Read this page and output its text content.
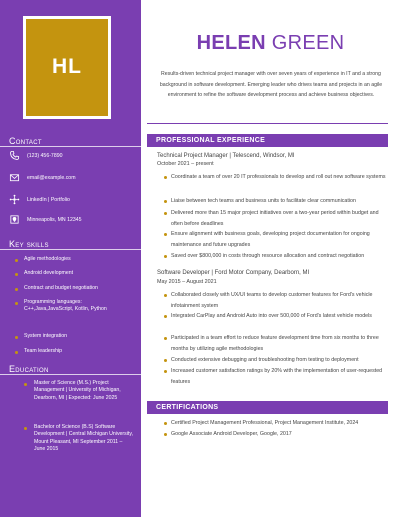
HL
Contact
(123) 456-7890
email@example.com
LinkedIn | Portfolio
Minneapolis, MN 12345
Key skills
Agile methodologies
Android development
Contract and budget negotiation
Programming languages: C++,Java,JavaScript, Kotlin, Python
System integration
Team leadership
Education
Master of Science (M.S.) Project Management | University of Michigan, Dearborn, MI | Expected: June 2025
Bachelor of Science (B.S) Software Development | Central Michigan University, Mount Pleasant, MI September 2011 – June 2015
HELEN GREEN
Results-driven technical project manager with over seven years of experience in IT and a strong background in software development. Emerging leader who drives teams and projects in an agile environment to refine the software development process and achieve business objectives.
PROFESSIONAL EXPERIENCE
Technical Project Manager | Telescend, Windsor, MI
October 2021 – present
Coordinate a team of over 20 IT professionals to develop and roll out new software systems
Liaise between tech teams and business units to facilitate clear communication
Delivered more than 15 major project initiatives over a two-year period within budget and often before deadlines
Ensure alignment with business goals, developing project documentation for ongoing maintenance and future upgrades
Saved over $800,000 in costs through resource allocation and contract negotiation
Software Developer | Ford Motor Company, Dearborn, MI
May 2015 – August 2021
Collaborated closely with UX/UI teams to develop customer features for Ford's vehicle infotainment system
Integrated CarPlay and Android Auto into over 500,000 of Ford's latest vehicle models
Participated in a team effort to reduce feature development time from six months to three months by utilizing agile methodologies
Conducted extensive debugging and troubleshooting from testing to deployment
Increased customer satisfaction ratings by 20% with the implementation of user-requested features
CERTIFICATIONS
Certified Project Management Professional, Project Management Institute, 2024
Google Associate Android Developer, Google, 2017
